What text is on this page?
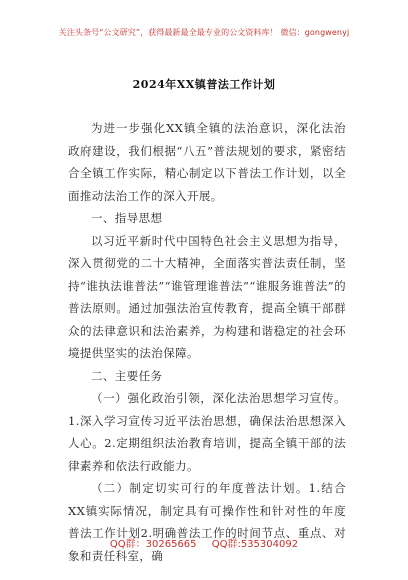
关注头条号“公文研究”，获得最新最全最专业的公文资料库！ 微信：gongwenyj
2024年XX镇普法工作计划

为进一步强化XX镇全镇的法治意识，深化法治政府建设，我们根据“八五”普法规划的要求，紧密结合全镇工作实际，精心制定以下普法工作计划，以全面推动法治工作的深入开展。

一、指导思想

以习近平新时代中国特色社会主义思想为指导，深入贯彻党的二十大精神，全面落实普法责任制，坚持“谁执法谁普法”“谁管理谁普法”“谁服务谁普法”的普法原则。通过加强法治宣传教育，提高全镇干部群众的法律意识和法治素养，为构建和谐稳定的社会环境提供坚实的法治保障。

二、主要任务

（一）强化政治引领，深化法治思想学习宣传。1.深入学习宣传习近平法治思想，确保法治思想深入人心。2.定期组织法治教育培训，提高全镇干部的法律素养和依法行政能力。

（二）制定切实可行的年度普法计划。1.结合XX镇实际情况，制定具有可操作性和针对性的年度普法工作计划2.明确普法工作的时间节点、重点、对象和责任科室，确

QQ群：30265665 QQ群:535304092
